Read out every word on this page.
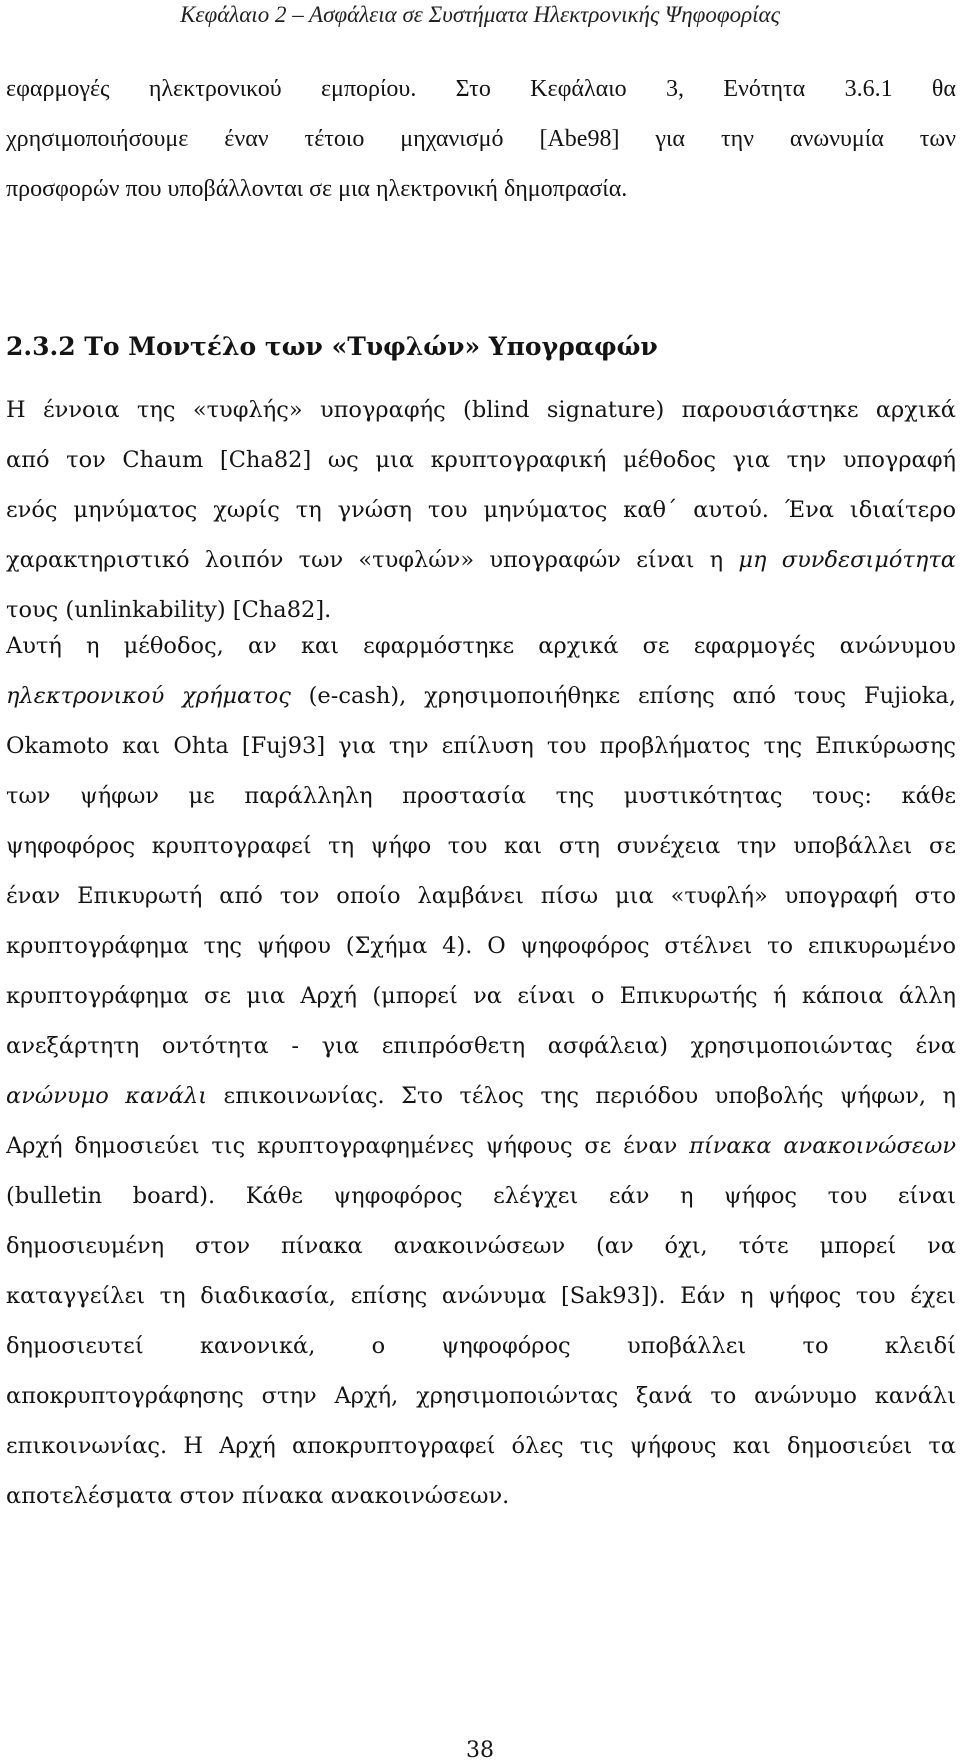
Κεφάλαιο 2 – Ασφάλεια σε Συστήματα Ηλεκτρονικής Ψηφοφορίας
εφαρμογές ηλεκτρονικού εμπορίου. Στο Κεφάλαιο 3, Ενότητα 3.6.1 θα
χρησιμοποιήσουμε έναν τέτοιο μηχανισμό [Abe98] για την ανωνυμία των
προσφορών που υποβάλλονται σε μια ηλεκτρονική δημοπρασία.
2.3.2 Το Μοντέλο των «Τυφλών» Υπογραφών
Η έννοια της «τυφλής» υπογραφής (blind signature) παρουσιάστηκε αρχικά
από τον Chaum [Cha82] ως μια κρυπτογραφική μέθοδος για την υπογραφή
ενός μηνύματος χωρίς τη γνώση του μηνύματος καθ΄ αυτού. Ένα ιδιαίτερο
χαρακτηριστικό λοιπόν των «τυφλών» υπογραφών είναι η μη συνδεσιμότητα
τους (unlinkability) [Cha82].
Αυτή η μέθοδος, αν και εφαρμόστηκε αρχικά σε εφαρμογές ανώνυμου
ηλεκτρονικού χρήματος (e-cash), χρησιμοποιήθηκε επίσης από τους Fujioka,
Okamoto και Ohta [Fuj93] για την επίλυση του προβλήματος της Επικύρωσης
των ψήφων με παράλληλη προστασία της μυστικότητας τους: κάθε
ψηφοφόρος κρυπτογραφεί τη ψήφο του και στη συνέχεια την υποβάλλει σε
έναν Επικυρωτή από τον οποίο λαμβάνει πίσω μια «τυφλή» υπογραφή στο
κρυπτογράφημα της ψήφου (Σχήμα 4). Ο ψηφοφόρος στέλνει το επικυρωμένο
κρυπτογράφημα σε μια Αρχή (μπορεί να είναι ο Επικυρωτής ή κάποια άλλη
ανεξάρτητη οντότητα - για επιπρόσθετη ασφάλεια) χρησιμοποιώντας ένα
ανώνυμο κανάλι επικοινωνίας. Στο τέλος της περιόδου υποβολής ψήφων, η
Αρχή δημοσιεύει τις κρυπτογραφημένες ψήφους σε έναν πίνακα ανακοινώσεων
(bulletin board). Κάθε ψηφοφόρος ελέγχει εάν η ψήφος του είναι
δημοσιευμένη στον πίνακα ανακοινώσεων (αν όχι, τότε μπορεί να
καταγγείλει τη διαδικασία, επίσης ανώνυμα [Sak93]). Εάν η ψήφος του έχει
δημοσιευτεί κανονικά, ο ψηφοφόρος υποβάλλει το κλειδί
αποκρυπτογράφησης στην Αρχή, χρησιμοποιώντας ξανά το ανώνυμο κανάλι
επικοινωνίας. Η Αρχή αποκρυπτογραφεί όλες τις ψήφους και δημοσιεύει τα
αποτελέσματα στον πίνακα ανακοινώσεων.
38
